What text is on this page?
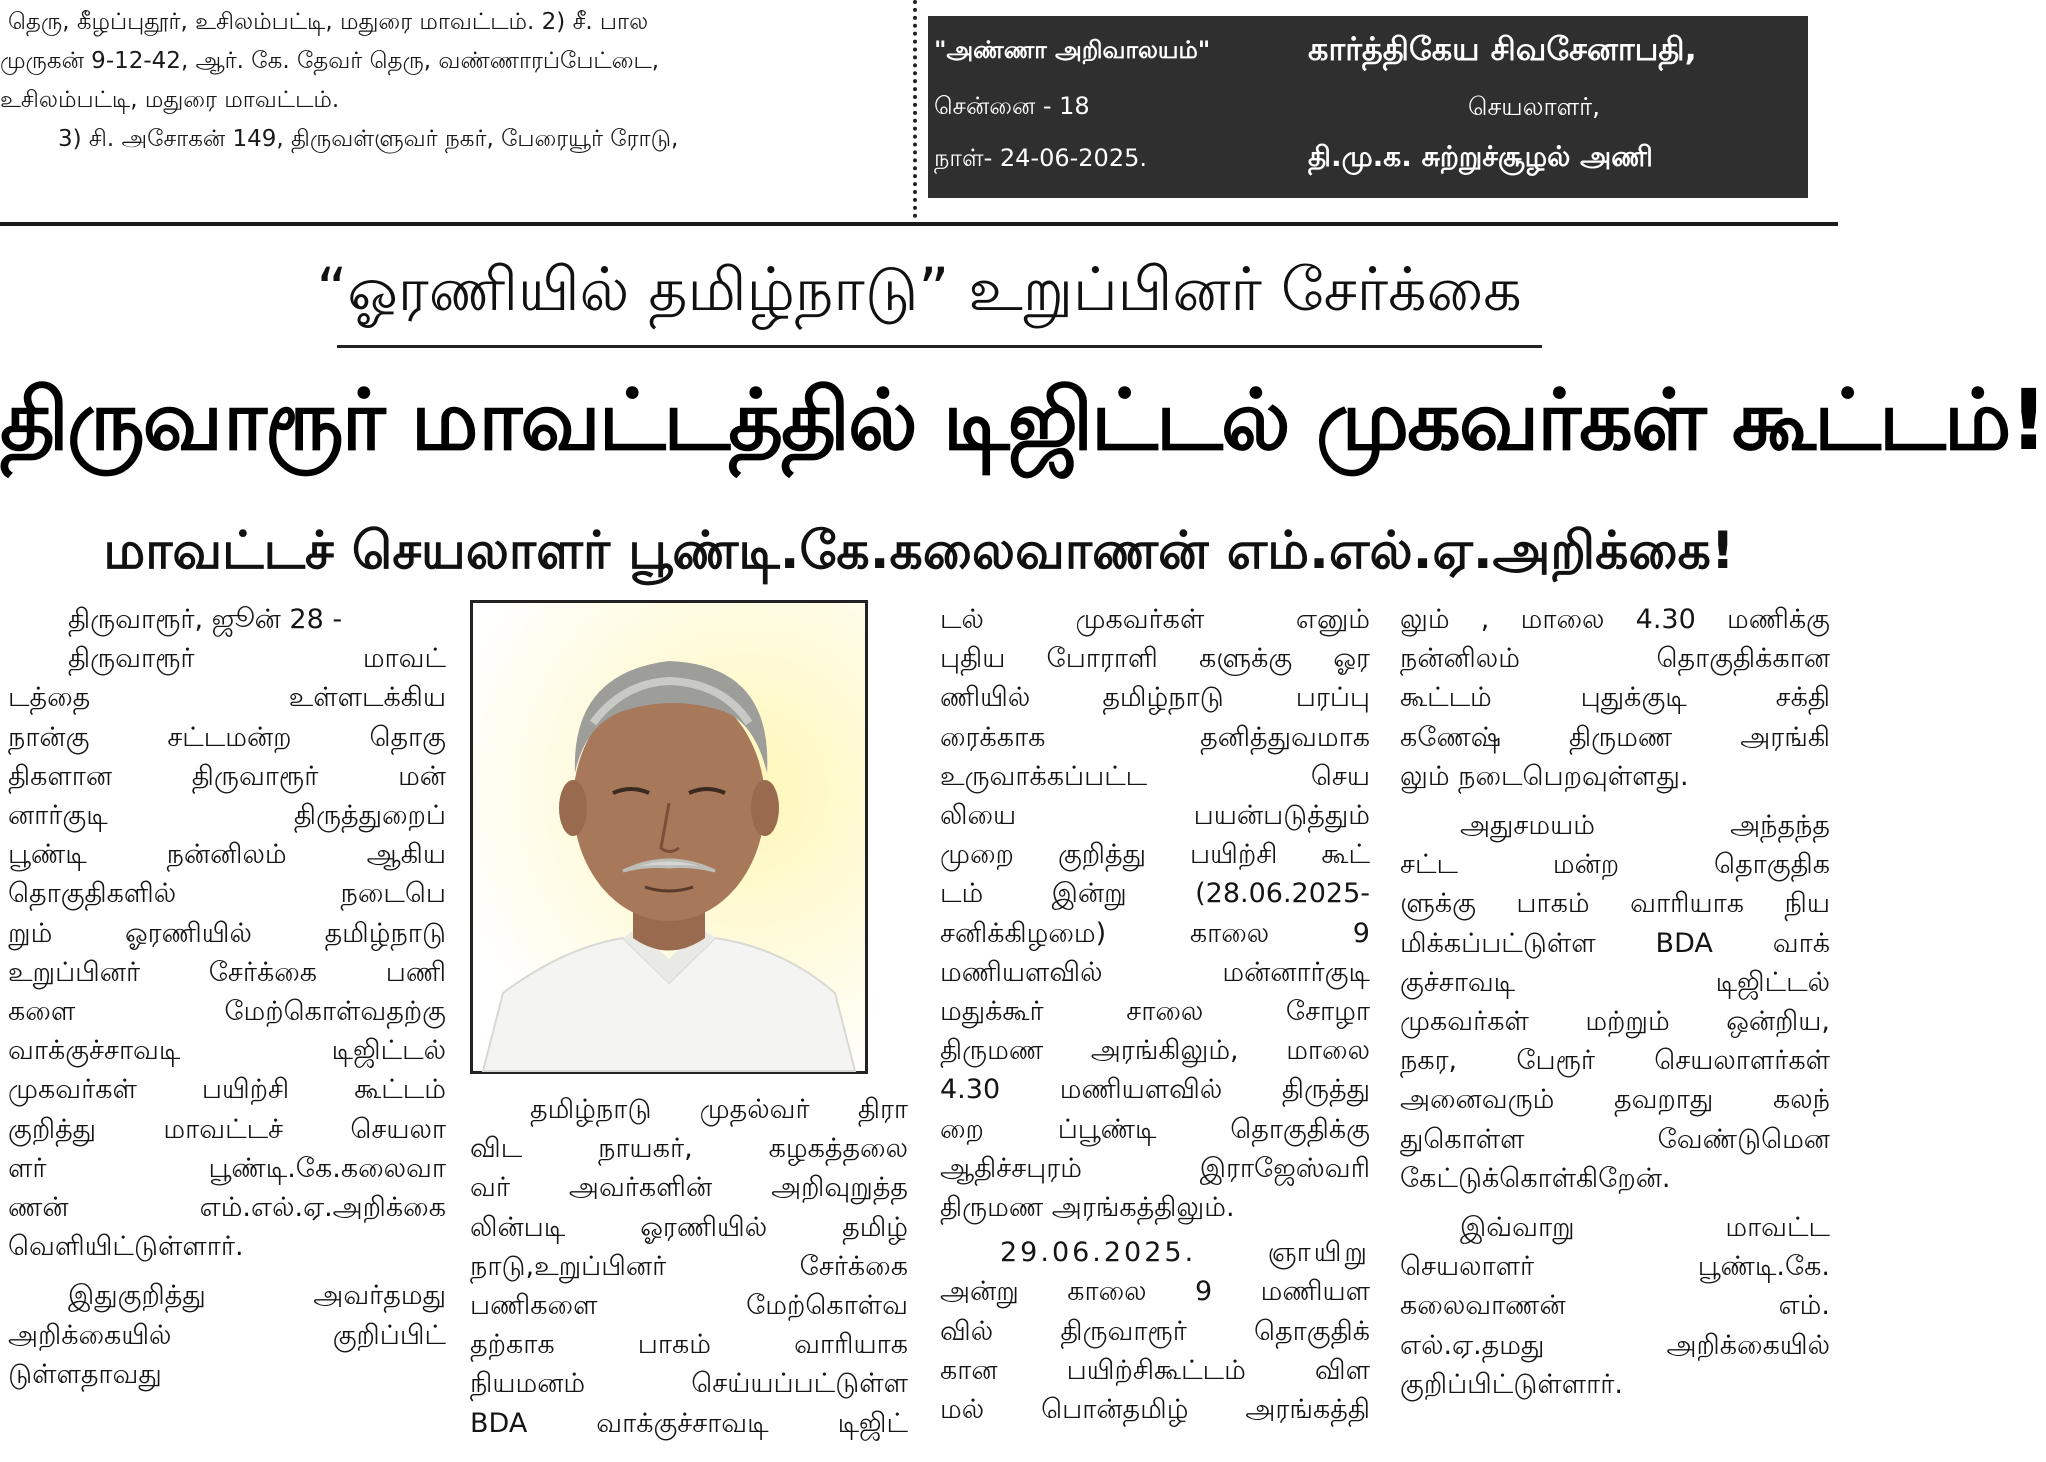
தெரு, கீழப்புதூர், உசிலம்பட்டி, மதுரை மாவட்டம். 2) சீ. பால

முருகன் 9-12-42, ஆர். கே. தேவர் தெரு, வண்ணாரப்பேட்டை,

உசிலம்பட்டி, மதுரை மாவட்டம்.

3) சி. அசோகன் 149, திருவள்ளுவர் நகர், பேரையூர் ரோடு,

"அண்ணா அறிவாலயம்"
சென்னை - 18
நாள்- 24-06-2025.
கார்த்திகேய சிவசேனாபதி,
செயலாளர்,
தி.மு.க. சுற்றுச்சூழல் அணி
“ஓரணியில் தமிழ்நாடு” உறுப்பினர் சேர்க்கை
திருவாரூர் மாவட்டத்தில் டிஜிட்டல் முகவர்கள் கூட்டம்!
மாவட்டச் செயலாளர் பூண்டி.கே.கலைவாணன் எம்.எல்.ஏ.அறிக்கை!

திருவாரூர், ஜூன் 28 -

திருவாரூர் மாவட்

டத்தை உள்ளடக்கிய

நான்கு சட்டமன்ற தொகு

திகளான திருவாரூர் மன்

னார்குடி திருத்துறைப்

பூண்டி நன்னிலம் ஆகிய

தொகுதிகளில் நடைபெ

றும் ஓரணியில் தமிழ்நாடு

உறுப்பினர் சேர்க்கை பணி

களை மேற்கொள்வதற்கு

வாக்குச்சாவடி டிஜிட்டல்

முகவர்கள் பயிற்சி கூட்டம்

குறித்து மாவட்டச் செயலா

ளர் பூண்டி.கே.கலைவா

ணன் எம்.எல்.ஏ.அறிக்கை

வெளியிட்டுள்ளார்.

இதுகுறித்து அவர்தமது

அறிக்கையில் குறிப்பிட்

டுள்ளதாவது

தமிழ்நாடு முதல்வர் திரா

விட நாயகர், கழகத்தலை

வர் அவர்களின் அறிவுறுத்த

லின்படி ஓரணியில் தமிழ்

நாடு,உறுப்பினர் சேர்க்கை

பணிகளை மேற்கொள்வ

தற்காக பாகம் வாரியாக

நியமனம் செய்யப்பட்டுள்ள

BDA வாக்குச்சாவடி டிஜிட்

டல் முகவர்கள் எனும்

புதிய போராளி களுக்கு ஓர

ணியில் தமிழ்நாடு பரப்பு

ரைக்காக தனித்துவமாக

உருவாக்கப்பட்ட செய

லியை பயன்படுத்தும்

முறை குறித்து பயிற்சி கூட்

டம் இன்று (28.06.2025-

சனிக்கிழமை) காலை 9

மணியளவில் மன்னார்குடி

மதுக்கூர் சாலை சோழா

திருமண அரங்கிலும், மாலை

4.30 மணியளவில் திருத்து

றை ப்பூண்டி தொகுதிக்கு

ஆதிச்சபுரம் இராஜேஸ்வரி

திருமண அரங்கத்திலும்.

29.06.2025. ஞாயிறு

அன்று காலை 9 மணியள

வில் திருவாரூர் தொகுதிக்

கான பயிற்சிகூட்டம் விள

மல் பொன்தமிழ் அரங்கத்தி

லும் , மாலை 4.30 மணிக்கு

நன்னிலம் தொகுதிக்கான

கூட்டம் புதுக்குடி சக்தி

கணேஷ் திருமண அரங்கி

லும் நடைபெறவுள்ளது.

அதுசமயம் அந்தந்த

சட்ட மன்ற தொகுதிக

ளுக்கு பாகம் வாரியாக நிய

மிக்கப்பட்டுள்ள BDA வாக்

குச்சாவடி டிஜிட்டல்

முகவர்கள் மற்றும் ஒன்றிய,

நகர, பேரூர் செயலாளர்கள்

அனைவரும் தவறாது கலந்

துகொள்ள வேண்டுமென

கேட்டுக்கொள்கிறேன்.

இவ்வாறு மாவட்ட

செயலாளர் பூண்டி.கே.

கலைவாணன் எம்.

எல்.ஏ.தமது அறிக்கையில்

குறிப்பிட்டுள்ளார்.
